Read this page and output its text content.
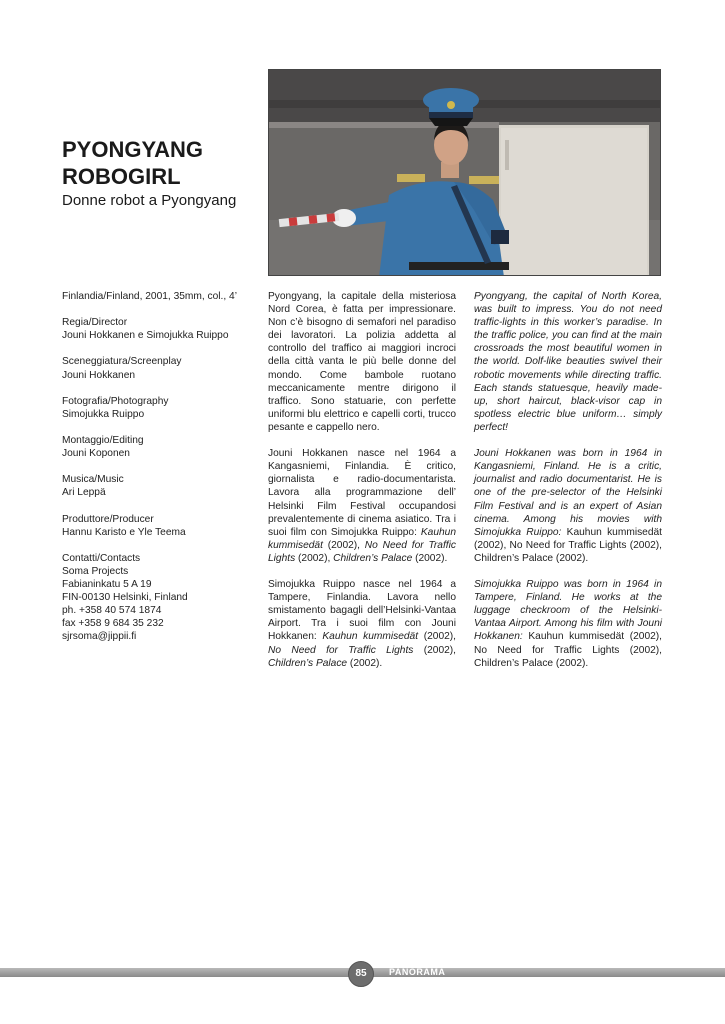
PYONGYANG ROBOGIRL
Donne robot a Pyongyang
Finlandia/Finland, 2001, 35mm, col., 4’
Regia/Director
Jouni Hokkanen e Simojukka Ruippo
Sceneggiatura/Screenplay
Jouni Hokkanen
Fotografia/Photography
Simojukka Ruippo
Montaggio/Editing
Jouni Koponen
Musica/Music
Ari Leppä
Produttore/Producer
Hannu Karisto e Yle Teema
Contatti/Contacts
Soma Projects
Fabianinkatu 5 A 19
FIN-00130 Helsinki, Finland
ph. +358 40 574 1874
fax +358 9 684 35 232
sjrsoma@jippii.fi

Pyongyang, la capitale della misteriosa Nord Corea, è fatta per impressionare. Non c’è bisogno di semafori nel paradiso dei lavoratori. La polizia addetta al controllo del traffico ai maggiori incroci della città vanta le più belle donne del mondo. Come bambole ruotano meccanicamente mentre dirigono il traffico. Sono statuarie, con perfette uniformi blu elettrico e capelli corti, trucco pesante e cappello nero.

Jouni Hokkanen nasce nel 1964 a Kangasniemi, Finlandia. È critico, giornalista e radio-documentarista. Lavora alla programmazione dell’ Helsinki Film Festival occupandosi prevalentemente di cinema asiatico. Tra i suoi film con Simojukka Ruippo: Kauhun kummisedät (2002), No Need for Traffic Lights (2002), Children’s Palace (2002).

Simojukka Ruippo nasce nel 1964 a Tampere, Finlandia. Lavora nello smistamento bagagli dell’Helsinki-Vantaa Airport. Tra i suoi film con Jouni Hokkanen: Kauhun kummisedät (2002), No Need for Traffic Lights (2002), Children’s Palace (2002).

Pyongyang, the capital of North Korea, was built to impress. You do not need traffic-lights in this worker’s paradise. In the traffic police, you can find at the main crossroads the most beautiful women in the world. Dolf-like beauties swivel their robotic movements while directing traffic. Each stands statuesque, heavily made-up, short haircut, black-visor cap in spotless electric blue uniform… simply perfect!

Jouni Hokkanen was born in 1964 in Kangasniemi, Finland. He is a critic, journalist and radio documentarist. He is one of the pre-selector of the Helsinki Film Festival and is an expert of Asian cinema. Among his movies with Simojukka Ruippo: Kauhun kummisedät (2002), No Need for Traffic Lights (2002), Children’s Palace (2002).

Simojukka Ruippo was born in 1964 in Tampere, Finland. He works at the luggage checkroom of the Helsinki-Vantaa Airport. Among his film with Jouni Hokkanen: Kauhun kummisedät (2002), No Need for Traffic Lights (2002), Children’s Palace (2002).

85	PANORAMA
